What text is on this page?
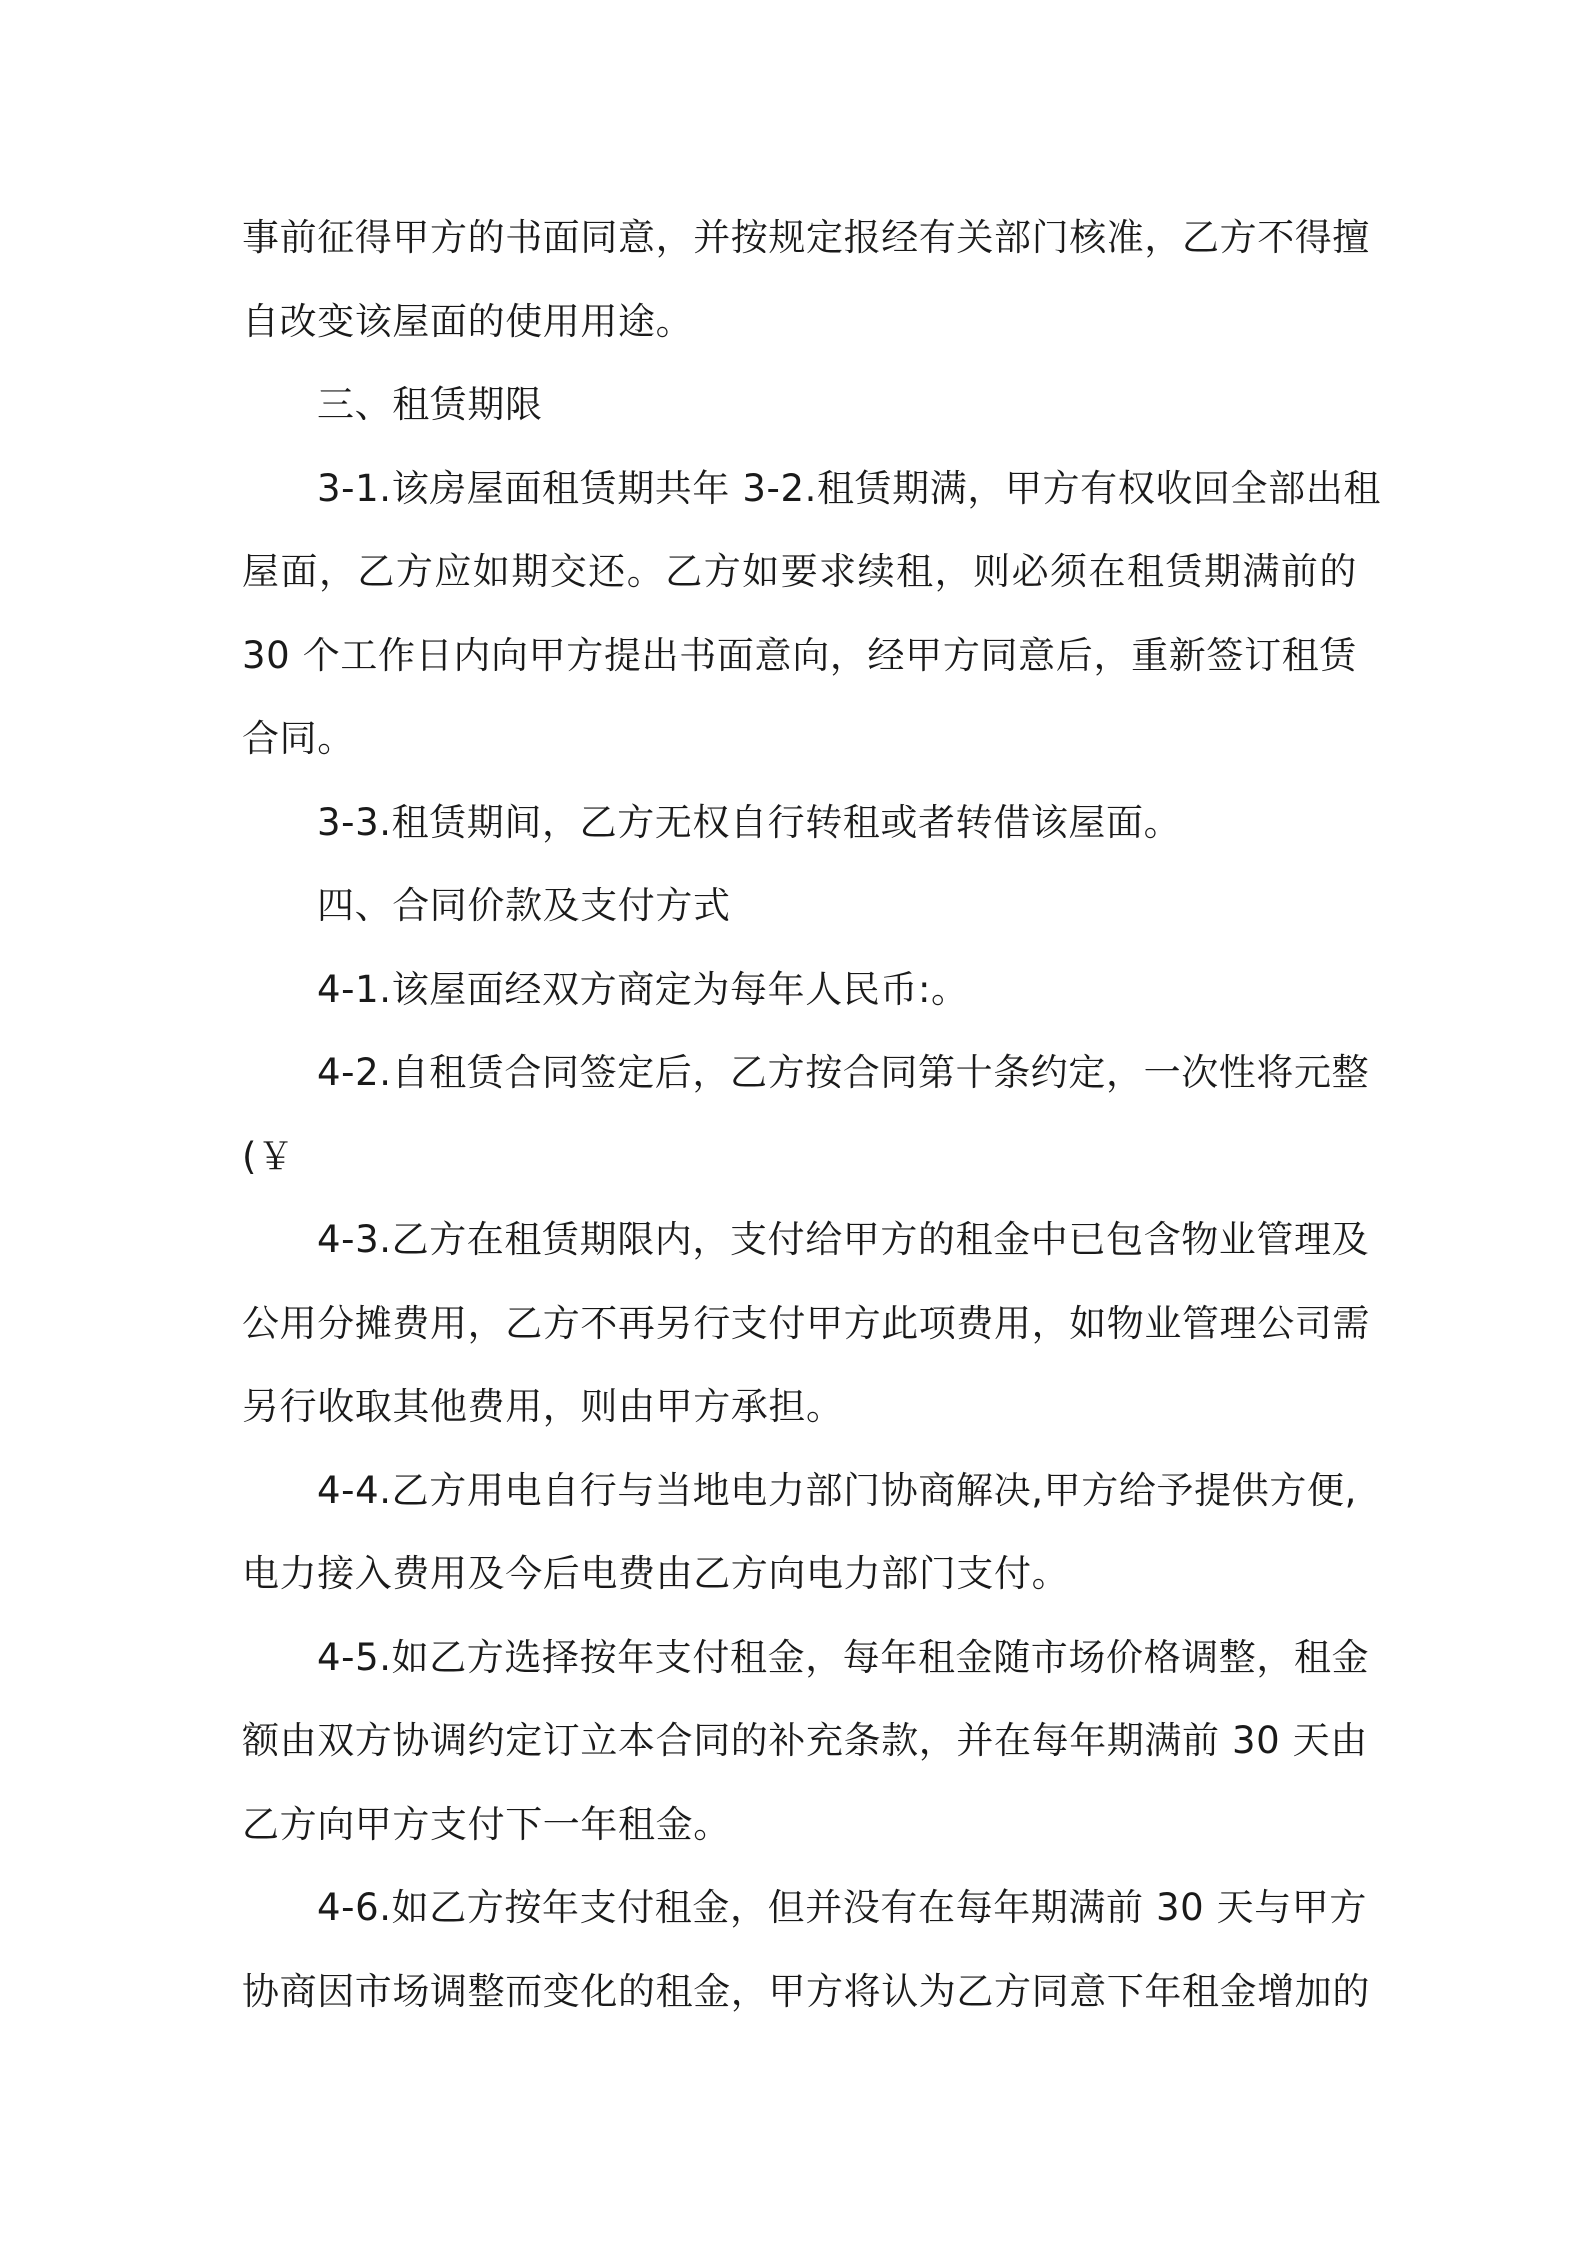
事前征得甲方的书面同意，并按规定报经有关部门核准，乙方不得擅
自改变该屋面的使用用途。
三、租赁期限
3-1.该房屋面租赁期共年 3-2.租赁期满，甲方有权收回全部出租
屋面，乙方应如期交还。乙方如要求续租，则必须在租赁期满前的
30 个工作日内向甲方提出书面意向，经甲方同意后，重新签订租赁
合同。
3-3.租赁期间，乙方无权自行转租或者转借该屋面。
四、合同价款及支付方式
4-1.该屋面经双方商定为每年人民币:。
4-2.自租赁合同签定后，乙方按合同第十条约定，一次性将元整
(￥
4-3.乙方在租赁期限内，支付给甲方的租金中已包含物业管理及
公用分摊费用，乙方不再另行支付甲方此项费用，如物业管理公司需
另行收取其他费用，则由甲方承担。
4-4.乙方用电自行与当地电力部门协商解决,甲方给予提供方便,
电力接入费用及今后电费由乙方向电力部门支付。
4-5.如乙方选择按年支付租金，每年租金随市场价格调整，租金
额由双方协调约定订立本合同的补充条款，并在每年期满前 30 天由
乙方向甲方支付下一年租金。
4-6.如乙方按年支付租金，但并没有在每年期满前 30 天与甲方
协商因市场调整而变化的租金，甲方将认为乙方同意下年租金增加的
